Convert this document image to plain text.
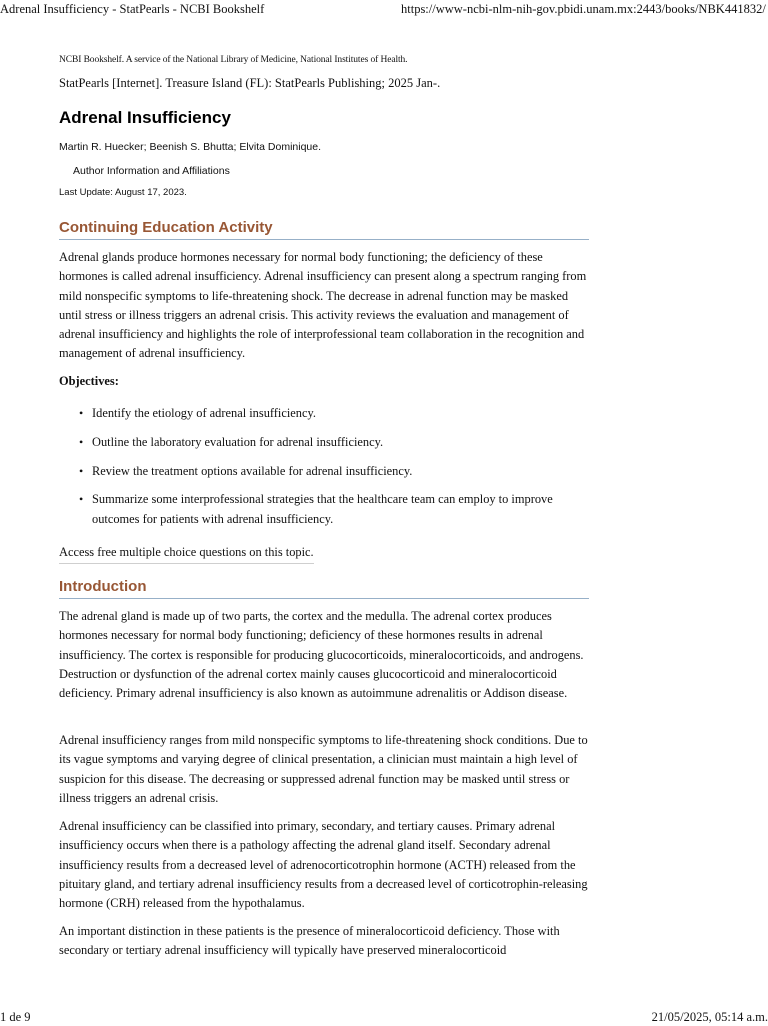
Adrenal Insufficiency - StatPearls - NCBI Bookshelf	https://www-ncbi-nlm-nih-gov.pbidi.unam.mx:2443/books/NBK441832/
NCBI Bookshelf. A service of the National Library of Medicine, National Institutes of Health.
StatPearls [Internet]. Treasure Island (FL): StatPearls Publishing; 2025 Jan-.
Adrenal Insufficiency
Martin R. Huecker; Beenish S. Bhutta; Elvita Dominique.
Author Information and Affiliations
Last Update: August 17, 2023.
Continuing Education Activity

Adrenal glands produce hormones necessary for normal body functioning; the deficiency of these hormones is called adrenal insufficiency. Adrenal insufficiency can present along a spectrum ranging from mild nonspecific symptoms to life-threatening shock. The decrease in adrenal function may be masked until stress or illness triggers an adrenal crisis. This activity reviews the evaluation and management of adrenal insufficiency and highlights the role of interprofessional team collaboration in the recognition and management of adrenal insufficiency.

Objectives:

• Identify the etiology of adrenal insufficiency.
• Outline the laboratory evaluation for adrenal insufficiency.
• Review the treatment options available for adrenal insufficiency.
• Summarize some interprofessional strategies that the healthcare team can employ to improve outcomes for patients with adrenal insufficiency.
Access free multiple choice questions on this topic.
Introduction

The adrenal gland is made up of two parts, the cortex and the medulla. The adrenal cortex produces hormones necessary for normal body functioning; deficiency of these hormones results in adrenal insufficiency. The cortex is responsible for producing glucocorticoids, mineralocorticoids, and androgens. Destruction or dysfunction of the adrenal cortex mainly causes glucocorticoid and mineralocorticoid deficiency. Primary adrenal insufficiency is also known as autoimmune adrenalitis or Addison disease.

Adrenal insufficiency ranges from mild nonspecific symptoms to life-threatening shock conditions. Due to its vague symptoms and varying degree of clinical presentation, a clinician must maintain a high level of suspicion for this disease. The decreasing or suppressed adrenal function may be masked until stress or illness triggers an adrenal crisis.

Adrenal insufficiency can be classified into primary, secondary, and tertiary causes. Primary adrenal insufficiency occurs when there is a pathology affecting the adrenal gland itself. Secondary adrenal insufficiency results from a decreased level of adrenocorticotrophin hormone (ACTH) released from the pituitary gland, and tertiary adrenal insufficiency results from a decreased level of corticotrophin-releasing hormone (CRH) released from the hypothalamus.

An important distinction in these patients is the presence of mineralocorticoid deficiency. Those with secondary or tertiary adrenal insufficiency will typically have preserved mineralocorticoid

1 de 9	21/05/2025, 05:14 a.m.
